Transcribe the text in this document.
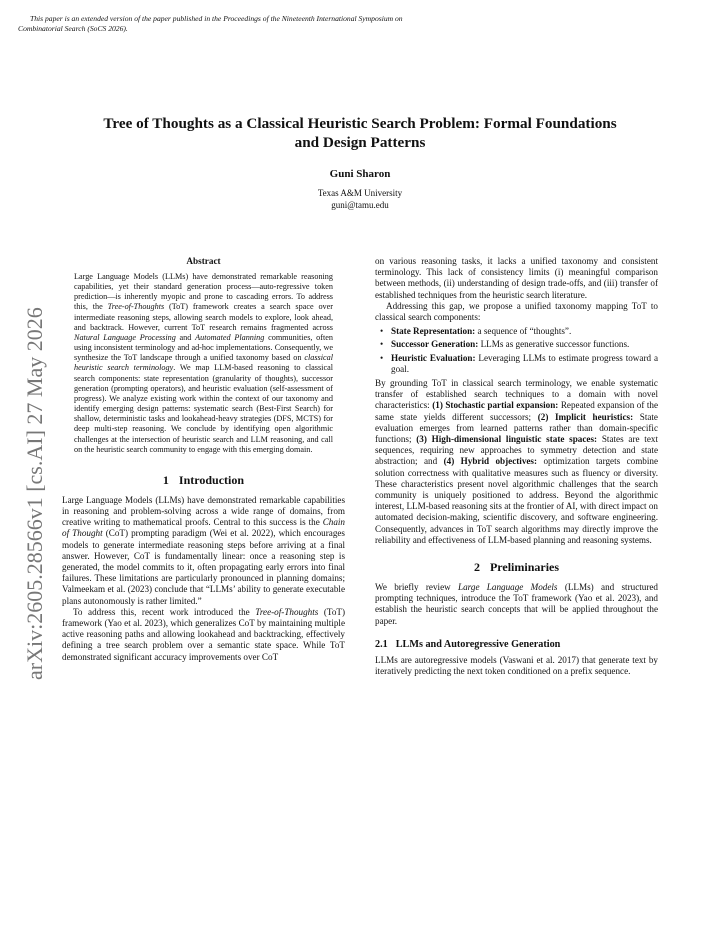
This paper is an extended version of the paper published in the Proceedings of the Nineteenth International Symposium on
Combinatorial Search (SoCS 2026).
Tree of Thoughts as a Classical Heuristic Search Problem: Formal Foundations
and Design Patterns
Guni Sharon
Texas A&M University
guni@tamu.edu
arXiv:2605.28566v1 [cs.AI] 27 May 2026
Abstract
Large Language Models (LLMs) have demonstrated remarkable reasoning capabilities, yet their standard generation process—auto-regressive token prediction—is inherently myopic and prone to cascading errors. To address this, the Tree-of-Thoughts (ToT) framework creates a search space over intermediate reasoning steps, allowing search models to explore, look ahead, and backtrack. However, current ToT research remains fragmented across Natural Language Processing and Automated Planning communities, often using inconsistent terminology and ad-hoc implementations. Consequently, we synthesize the ToT landscape through a unified taxonomy based on classical heuristic search terminology. We map LLM-based reasoning to classical search components: state representation (granularity of thoughts), successor generation (prompting operators), and heuristic evaluation (self-assessment of progress). We analyze existing work within the context of our taxonomy and identify emerging design patterns: systematic search (Best-First Search) for shallow, deterministic tasks and lookahead-heavy strategies (DFS, MCTS) for deep multi-step reasoning. We conclude by identifying open algorithmic challenges at the intersection of heuristic search and LLM reasoning, and call on the heuristic search community to engage with this emerging domain.
1 Introduction

Large Language Models (LLMs) have demonstrated remarkable capabilities in reasoning and problem-solving across a wide range of domains, from creative writing to mathematical proofs. Central to this success is the Chain of Thought (CoT) prompting paradigm (Wei et al. 2022), which encourages models to generate intermediate reasoning steps before arriving at a final answer. However, CoT is fundamentally linear: once a reasoning step is generated, the model commits to it, often propagating early errors into final failures. These limitations are particularly pronounced in planning domains; Valmeekam et al. (2023) conclude that “LLMs’ ability to generate executable plans autonomously is rather limited.”

To address this, recent work introduced the Tree-of-Thoughts (ToT) framework (Yao et al. 2023), which generalizes CoT by maintaining multiple active reasoning paths and allowing lookahead and backtracking, effectively defining a tree search problem over a semantic state space. While ToT demonstrated significant accuracy improvements over CoT

on various reasoning tasks, it lacks a unified taxonomy and consistent terminology. This lack of consistency limits (i) meaningful comparison between methods, (ii) understanding of design trade-offs, and (iii) transfer of established techniques from the heuristic search literature.

Addressing this gap, we propose a unified taxonomy mapping ToT to classical search components:

• State Representation: a sequence of “thoughts”.
• Successor Generation: LLMs as generative successor functions.
• Heuristic Evaluation: Leveraging LLMs to estimate progress toward a goal.

By grounding ToT in classical search terminology, we enable systematic transfer of established search techniques to a domain with novel characteristics: (1) Stochastic partial expansion: Repeated expansion of the same state yields different successors; (2) Implicit heuristics: State evaluation emerges from learned patterns rather than domain-specific functions; (3) High-dimensional linguistic state spaces: States are text sequences, requiring new approaches to symmetry detection and state abstraction; and (4) Hybrid objectives: optimization targets combine solution correctness with qualitative measures such as fluency or diversity. These characteristics present novel algorithmic challenges that the search community is uniquely positioned to address. Beyond the algorithmic interest, LLM-based reasoning sits at the frontier of AI, with direct impact on automated decision-making, scientific discovery, and software engineering. Consequently, advances in ToT search algorithms may directly improve the reliability and effectiveness of LLM-based planning and reasoning systems.

2 Preliminaries

We briefly review Large Language Models (LLMs) and structured prompting techniques, introduce the ToT framework (Yao et al. 2023), and establish the heuristic search concepts that will be applied throughout the paper.

2.1 LLMs and Autoregressive Generation

LLMs are autoregressive models (Vaswani et al. 2017) that generate text by iteratively predicting the next token conditioned on a prefix sequence.
